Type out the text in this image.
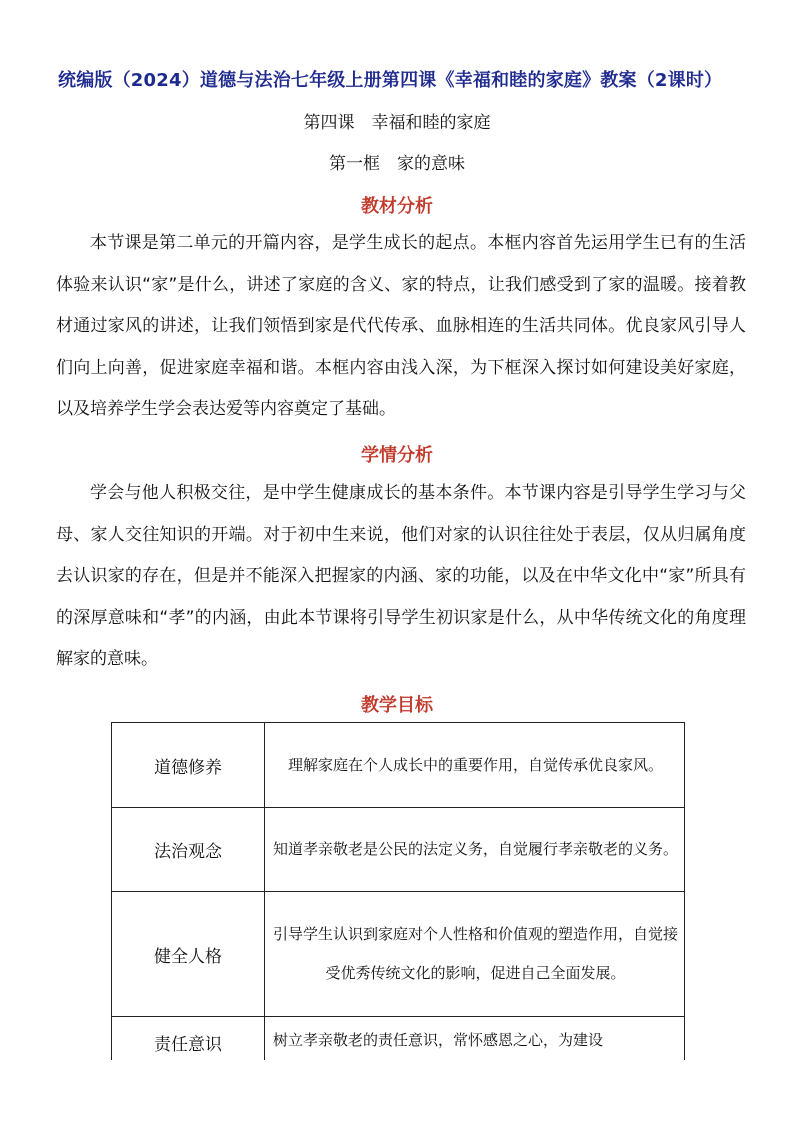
统编版（2024）道德与法治七年级上册第四课《幸福和睦的家庭》教案（2课时）
第四课　幸福和睦的家庭
第一框　家的意味
教材分析

本节课是第二单元的开篇内容，是学生成长的起点。本框内容首先运用学生已有的生活体验来认识“家”是什么，讲述了家庭的含义、家的特点，让我们感受到了家的温暖。接着教材通过家风的讲述，让我们领悟到家是代代传承、血脉相连的生活共同体。优良家风引导人们向上向善，促进家庭幸福和谐。本框内容由浅入深，为下框深入探讨如何建设美好家庭，以及培养学生学会表达爱等内容奠定了基础。

学情分析

学会与他人积极交往，是中学生健康成长的基本条件。本节课内容是引导学生学习与父母、家人交往知识的开端。对于初中生来说，他们对家的认识往往处于表层，仅从归属角度去认识家的存在，但是并不能深入把握家的内涵、家的功能，以及在中华文化中“家”所具有的深厚意味和“孝”的内涵，由此本节课将引导学生初识家是什么，从中华传统文化的角度理解家的意味。

教学目标
道德修养	理解家庭在个人成长中的重要作用，自觉传承优良家风。

法治观念	知道孝亲敬老是公民的法定义务，自觉履行孝亲敬老的义务。

健全人格	引导学生认识到家庭对个人性格和价值观的塑造作用，自觉接受优秀传统文化的影响，促进自己全面发展。

责任意识	树立孝亲敬老的责任意识，常怀感恩之心，为建设
